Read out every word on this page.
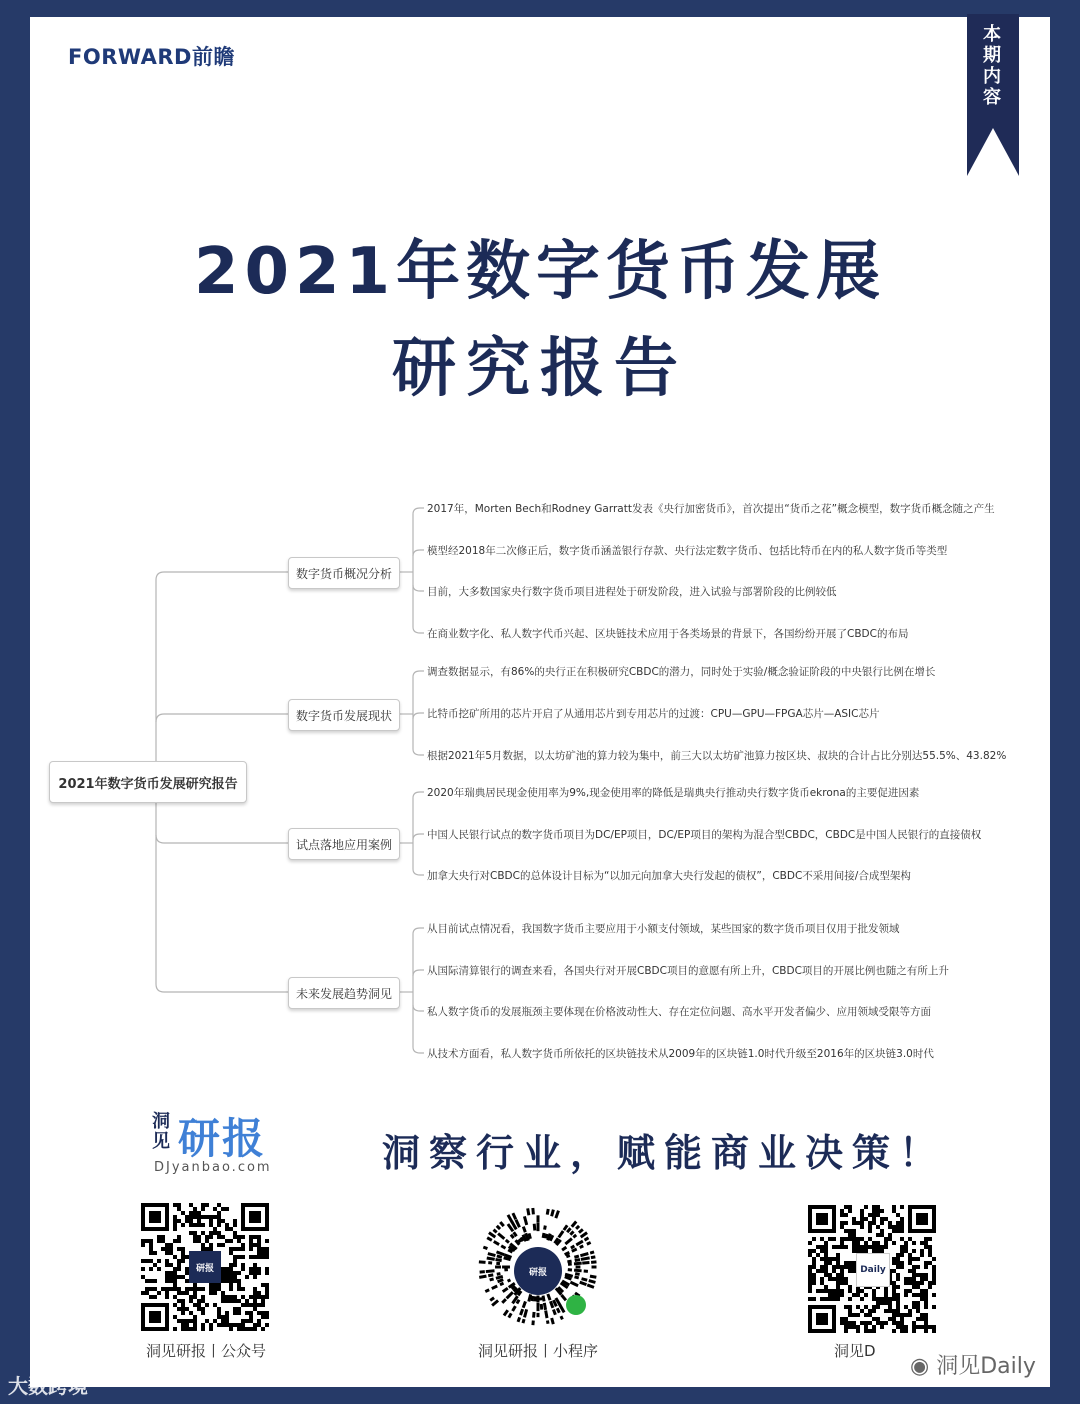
FORWARD前瞻
本期内容
2021年数字货币发展
研究报告
2021年数字货币发展研究报告
数字货币概况分析
数字货币发展现状
试点落地应用案例
未来发展趋势洞见
2017年，Morten Bech和Rodney Garratt发表《央行加密货币》，首次提出“货币之花”概念模型，数字货币概念随之产生
模型经2018年二次修正后，数字货币涵盖银行存款、央行法定数字货币、包括比特币在内的私人数字货币等类型
目前，大多数国家央行数字货币项目进程处于研发阶段，进入试验与部署阶段的比例较低
在商业数字化、私人数字代币兴起、区块链技术应用于各类场景的背景下，各国纷纷开展了CBDC的布局
调查数据显示，有86%的央行正在积极研究CBDC的潜力，同时处于实验/概念验证阶段的中央银行比例在增长
比特币挖矿所用的芯片开启了从通用芯片到专用芯片的过渡：CPU—GPU—FPGA芯片—ASIC芯片
根据2021年5月数据，以太坊矿池的算力较为集中，前三大以太坊矿池算力按区块、叔块的合计占比分别达55.5%、43.82%
2020年瑞典居民现金使用率为9%,现金使用率的降低是瑞典央行推动央行数字货币ekrona的主要促进因素
中国人民银行试点的数字货币项目为DC/EP项目，DC/EP项目的架构为混合型CBDC，CBDC是中国人民银行的直接债权
加拿大央行对CBDC的总体设计目标为“以加元向加拿大央行发起的债权”，CBDC不采用间接/合成型架构
从目前试点情况看，我国数字货币主要应用于小额支付领域，某些国家的数字货币项目仅用于批发领域
从国际清算银行的调查来看，各国央行对开展CBDC项目的意愿有所上升，CBDC项目的开展比例也随之有所上升
私人数字货币的发展瓶颈主要体现在价格波动性大、存在定位问题、高水平开发者偏少、应用领域受限等方面
从技术方面看，私人数字货币所依托的区块链技术从2009年的区块链1.0时代升级至2016年的区块链3.0时代
洞见 研报
DJyanbao.com	洞察行业，赋能商业决策！
研报
洞见研报丨公众号
研报
洞见研报丨小程序
Daily
洞见D
◉ 洞见Daily
大数跨境
